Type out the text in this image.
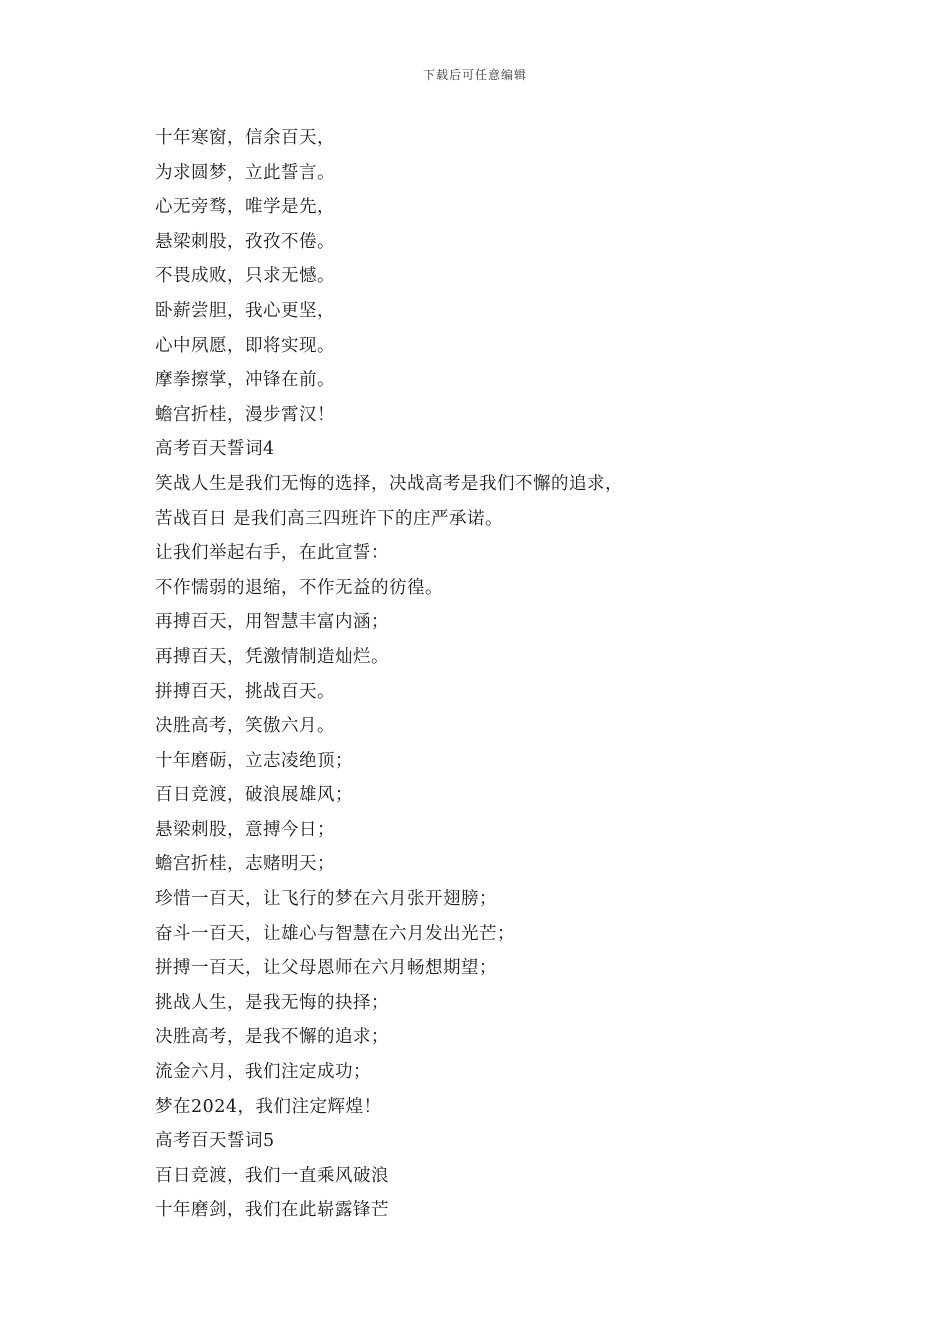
下载后可任意编辑
十年寒窗，信余百天，
为求圆梦，立此誓言。
心无旁骛，唯学是先，
悬梁刺股，孜孜不倦。
不畏成败，只求无憾。
卧薪尝胆，我心更坚，
心中夙愿，即将实现。
摩拳擦掌，冲锋在前。
蟾宫折桂，漫步霄汉！
高考百天誓词4
笑战人生是我们无悔的选择，决战高考是我们不懈的追求，
苦战百日 是我们高三四班许下的庄严承诺。
让我们举起右手，在此宣誓：
不作懦弱的退缩，不作无益的彷徨。
再搏百天，用智慧丰富内涵；
再搏百天，凭激情制造灿烂。
拼搏百天，挑战百天。
决胜高考，笑傲六月。
十年磨砺，立志凌绝顶；
百日竞渡，破浪展雄风；
悬梁刺股，意搏今日；
蟾宫折桂，志赌明天；
珍惜一百天，让飞行的梦在六月张开翅膀；
奋斗一百天，让雄心与智慧在六月发出光芒；
拼搏一百天，让父母恩师在六月畅想期望；
挑战人生，是我无悔的抉择；
决胜高考，是我不懈的追求；
流金六月，我们注定成功；
梦在2024，我们注定辉煌！
高考百天誓词5
百日竞渡，我们一直乘风破浪
十年磨剑，我们在此崭露锋芒
